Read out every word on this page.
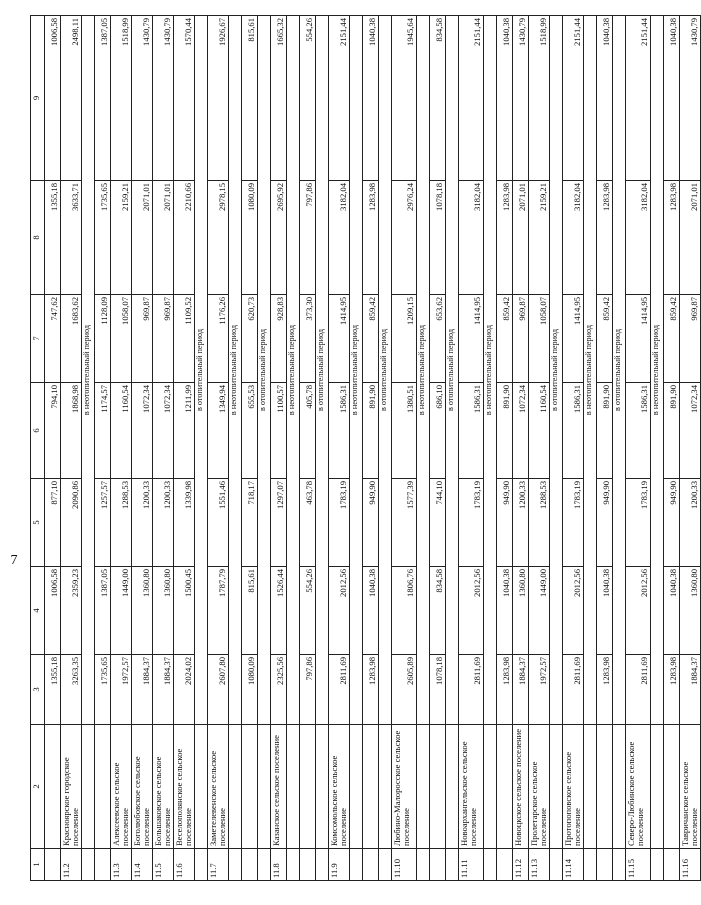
7
1	2	3	4	5	6	7	8	9
		1355,18	1006,58	877,10	794,10	747,62	1355,18	1006,58
11.2	Красноярское городское поселение	3263,35	2359,23	2090,86	1868,98	1683,62	3633,71	2498,11
		в неотопительный период						
		1735,65	1387,05	1257,57	1174,57	1128,09	1735,65	1387,05
11.3	Алексеевское сельское поселение	1972,57	1449,00	1288,53	1160,54	1058,07	2159,21	1518,99
11.4	Боголюбовское сельское поселение	1884,37	1360,80	1200,33	1072,34	969,87	2071,01	1430,79
11.5	Большаковское сельское поселение	1884,37	1360,80	1200,33	1072,34	969,87	2071,01	1430,79
11.6	Веселополянское сельское поселение	2024,02	1500,45	1339,98	1211,99	1109,52	2210,66	1570,44
		в отопительный период						
11.7	Заметелевенское сельское поселение	2607,80	1787,79	1551,46	1349,94	1176,26	2978,15	1926,67
		в неотопительный период						
		1080,09	815,61	718,17	655,53	620,73	1080,09	815,61
		в отопительный период						
11.8	Казанское сельское поселение	2325,56	1526,44	1297,07	1100,57	928,83	2695,92	1665,32
		в неотопительный период						
		797,86	554,26	463,78	405,78	373,30	797,86	554,26
		в отопительный период						
11.9	Комсомольское сельское поселение	2811,69	2012,56	1783,19	1586,31	1414,95	3182,04	2151,44
		в неотопительный период						
		1283,98	1040,38	949,90	891,90	859,42	1283,98	1040,38
		в отопительный период						
11.10	Любино-Малоросское сельское поселение	2605,89	1806,76	1577,39	1380,51	1209,15	2976,24	1945,64
		в неотопительный период						
		1078,18	834,58	744,10	686,10	653,62	1078,18	834,58
		в отопительный период						
11.11	Новоархангельское сельское поселение	2811,69	2012,56	1783,19	1586,31	1414,95	3182,04	2151,44
		в неотопительный период						
		1283,98	1040,38	949,90	891,90	859,42	1283,98	1040,38
11.12	Новоцкское сельское поселение	1884,37	1360,80	1200,33	1072,34	969,87	2071,01	1430,79
11.13	Пролетарское сельское поселение	1972,57	1449,00	1288,53	1160,54	1058,07	2159,21	1518,99
		в отопительный период						
11.14	Протопоповское сельское поселение	2811,69	2012,56	1783,19	1586,31	1414,95	3182,04	2151,44
		в неотопительный период						
		1283,98	1040,38	949,90	891,90	859,42	1283,98	1040,38
		в отопительный период						
11.15	Северо-Любинское сельское поселение	2811,69	2012,56	1783,19	1586,31	1414,95	3182,04	2151,44
		в неотопительный период						
		1283,98	1040,38	949,90	891,90	859,42	1283,98	1040,38
11.16	Тавричанское сельское поселение	1884,37	1360,80	1200,33	1072,34	969,87	2071,01	1430,79
